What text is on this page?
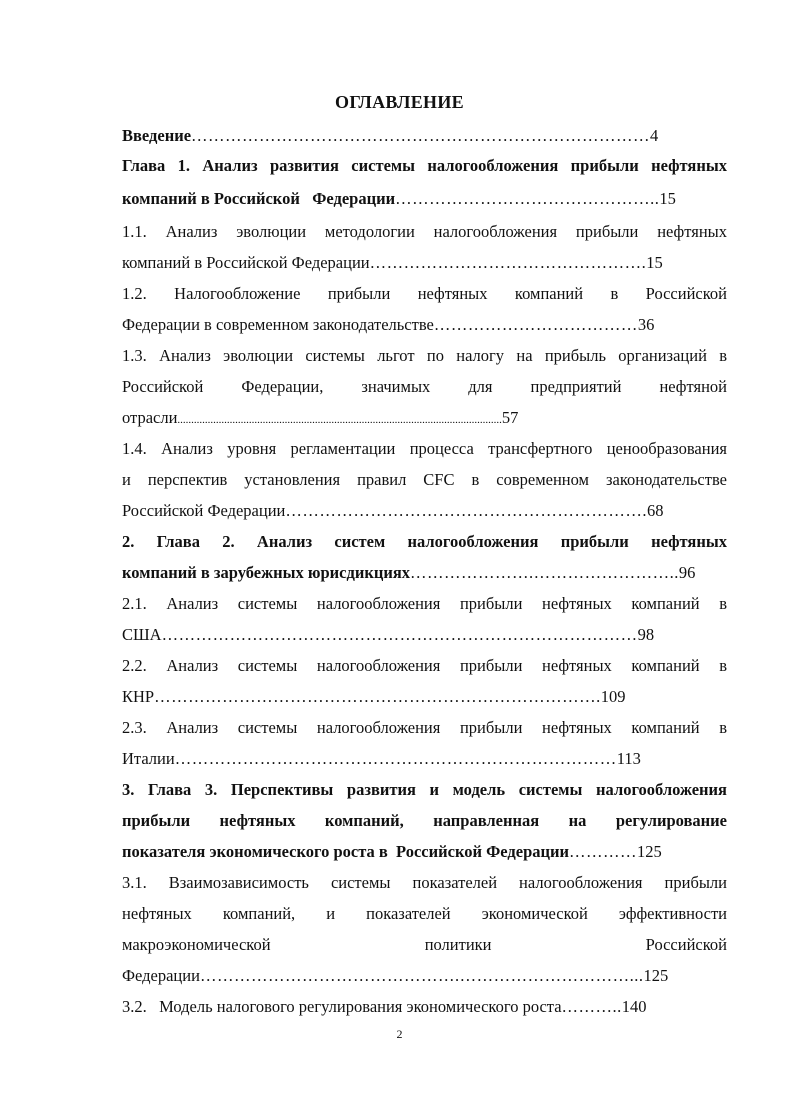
ОГЛАВЛЕНИЕ
Введение………………………………………………………………………4
Глава 1. Анализ развития системы налогообложения прибыли нефтяных
компаний в Российской   Федерации………………………………………..15
1.1. Анализ эволюции методологии налогообложения прибыли нефтяных
компаний в Российской Федерации………………………………………….15
1.2. Налогообложение прибыли нефтяных компаний в Российской
Федерации в современном законодательстве………………………………36
1.3. Анализ эволюции системы льгот по налогу на прибыль организаций в
Российской Федерации, значимых для предприятий нефтяной
отрасли......................................................................................................................57
1.4. Анализ уровня регламентации процесса трансфертного ценообразования
и перспектив установления правил CFC в современном законодательстве
Российской Федерации……………………………………………………….68
2. Глава 2. Анализ систем налогообложения прибыли нефтяных
компаний в зарубежных юрисдикциях………………….……………………..96
2.1. Анализ системы налогообложения прибыли нефтяных компаний в
США…………………………………………………………………………98
2.2. Анализ системы налогообложения прибыли нефтяных компаний в
КНР…………………………………………………………………….109
2.3. Анализ системы налогообложения прибыли нефтяных компаний в
Италии……………………………………………………………………113
3. Глава 3. Перспективы развития и модель системы налогообложения
прибыли нефтяных компаний, направленная на регулирование
показателя экономического роста в  Российской Федерации…………125
3.1. Взаимозависимость системы показателей налогообложения прибыли
нефтяных компаний, и показателей экономической эффективности
макроэкономической политики Российской
Федерации……………………………………….…………………………...125
3.2.   Модель налогового регулирования экономического роста………..140
2
